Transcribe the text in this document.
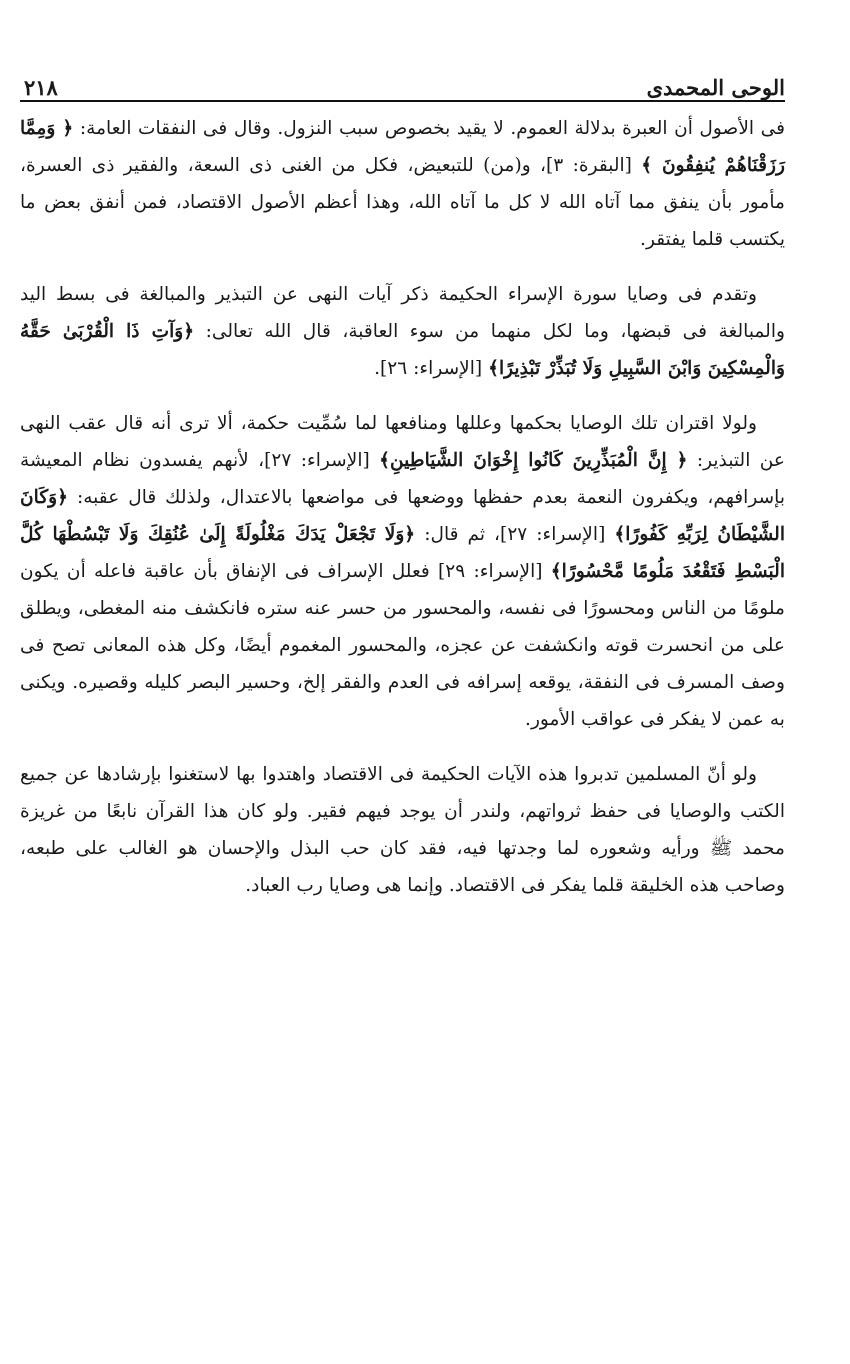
الوحى المحمدى
٢١٨

فى الأصول أن العبرة بدلالة العموم. لا يقيد بخصوص سبب النزول. وقال فى النفقات العامة: ﴿ وَمِمَّا رَزَقْنَاهُمْ يُنفِقُونَ ﴾ [البقرة: ٣]، و(من) للتبعيض، فكل من الغنى ذى السعة، والفقير ذى العسرة، مأمور بأن ينفق مما آتاه الله لا كل ما آتاه الله، وهذا أعظم الأصول الاقتصاد، فمن أنفق بعض ما يكتسب قلما يفتقر.

وتقدم فى وصايا سورة الإسراء الحكيمة ذكر آيات النهى عن التبذير والمبالغة فى بسط اليد والمبالغة فى قبضها، وما لكل منهما من سوء العاقبة، قال الله تعالى: ﴿وَآتِ ذَا الْقُرْبَىٰ حَقَّهُ وَالْمِسْكِينَ وَابْنَ السَّبِيلِ وَلَا تُبَذِّرْ تَبْذِيرًا﴾ [الإسراء: ٢٦].

ولولا اقتران تلك الوصايا بحكمها وعللها ومنافعها لما سُمِّيت حكمة، ألا ترى أنه قال عقب النهى عن التبذير: ﴿ إِنَّ الْمُبَذِّرِينَ كَانُوا إِخْوَانَ الشَّيَاطِينِ﴾ [الإسراء: ٢٧]، لأنهم يفسدون نظام المعيشة بإسرافهم، ويكفرون النعمة بعدم حفظها ووضعها فى مواضعها بالاعتدال، ولذلك قال عقبه: ﴿وَكَانَ الشَّيْطَانُ لِرَبِّهِ كَفُورًا﴾ [الإسراء: ٢٧]، ثم قال: ﴿وَلَا تَجْعَلْ يَدَكَ مَغْلُولَةً إِلَىٰ عُنُقِكَ وَلَا تَبْسُطْهَا كُلَّ الْبَسْطِ فَتَقْعُدَ مَلُومًا مَّحْسُورًا﴾ [الإسراء: ٢٩] فعلل الإسراف فى الإنفاق بأن عاقبة فاعله أن يكون ملومًا من الناس ومحسورًا فى نفسه، والمحسور من حسر عنه ستره فانكشف منه المغطى، ويطلق على من انحسرت قوته وانكشفت عن عجزه، والمحسور المغموم أيضًا، وكل هذه المعانى تصح فى وصف المسرف فى النفقة، يوقعه إسرافه فى العدم والفقر إلخ، وحسير البصر كليله وقصيره. ويكنى به عمن لا يفكر فى عواقب الأمور.

ولو أنّ المسلمين تدبروا هذه الآيات الحكيمة فى الاقتصاد واهتدوا بها لاستغنوا بإرشادها عن جميع الكتب والوصايا فى حفظ ثرواتهم، ولندر أن يوجد فيهم فقير. ولو كان هذا القرآن نابعًا من غريزة محمد ﷺ ورأيه وشعوره لما وجدتها فيه، فقد كان حب البذل والإحسان هو الغالب على طبعه، وصاحب هذه الخليقة قلما يفكر فى الاقتصاد. وإنما هى وصايا رب العباد.
